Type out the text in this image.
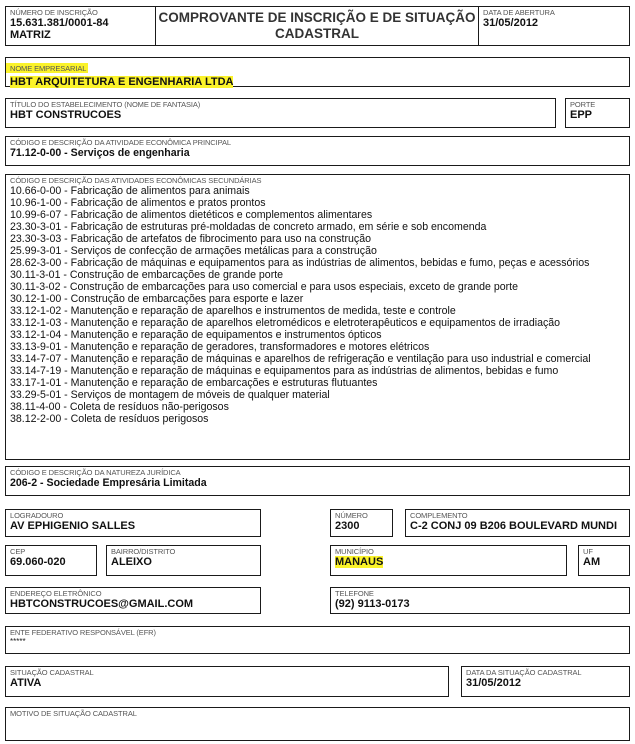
NÚMERO DE INSCRIÇÃO
15.631.381/0001-84
MATRIZ
COMPROVANTE DE INSCRIÇÃO E DE SITUAÇÃO
CADASTRAL
DATA DE ABERTURA
31/05/2012
NOME EMPRESARIAL
HBT ARQUITETURA E ENGENHARIA LTDA
TÍTULO DO ESTABELECIMENTO (NOME DE FANTASIA)
HBT CONSTRUCOES
PORTE
EPP
CÓDIGO E DESCRIÇÃO DA ATIVIDADE ECONÔMICA PRINCIPAL
71.12-0-00 - Serviços de engenharia
CÓDIGO E DESCRIÇÃO DAS ATIVIDADES ECONÔMICAS SECUNDÁRIAS
10.66-0-00 - Fabricação de alimentos para animais
10.96-1-00 - Fabricação de alimentos e pratos prontos
10.99-6-07 - Fabricação de alimentos dietéticos e complementos alimentares
23.30-3-01 - Fabricação de estruturas pré-moldadas de concreto armado, em série e sob encomenda
23.30-3-03 - Fabricação de artefatos de fibrocimento para uso na construção
25.99-3-01 - Serviços de confecção de armações metálicas para a construção
28.62-3-00 - Fabricação de máquinas e equipamentos para as indústrias de alimentos, bebidas e fumo, peças e acessórios
30.11-3-01 - Construção de embarcações de grande porte
30.11-3-02 - Construção de embarcações para uso comercial e para usos especiais, exceto de grande porte
30.12-1-00 - Construção de embarcações para esporte e lazer
33.12-1-02 - Manutenção e reparação de aparelhos e instrumentos de medida, teste e controle
33.12-1-03 - Manutenção e reparação de aparelhos eletromédicos e eletroterapêuticos e equipamentos de irradiação
33.12-1-04 - Manutenção e reparação de equipamentos e instrumentos ópticos
33.13-9-01 - Manutenção e reparação de geradores, transformadores e motores elétricos
33.14-7-07 - Manutenção e reparação de máquinas e aparelhos de refrigeração e ventilação para uso industrial e comercial
33.14-7-19 - Manutenção e reparação de máquinas e equipamentos para as indústrias de alimentos, bebidas e fumo
33.17-1-01 - Manutenção e reparação de embarcações e estruturas flutuantes
33.29-5-01 - Serviços de montagem de móveis de qualquer material
38.11-4-00 - Coleta de resíduos não-perigosos
38.12-2-00 - Coleta de resíduos perigosos
CÓDIGO E DESCRIÇÃO DA NATUREZA JURÍDICA
206-2 - Sociedade Empresária Limitada
LOGRADOURO
AV EPHIGENIO SALLES
NÚMERO
2300
COMPLEMENTO
C-2 CONJ 09 B206 BOULEVARD MUNDI
CEP
69.060-020
BAIRRO/DISTRITO
ALEIXO
MUNICÍPIO
MANAUS
UF
AM
ENDEREÇO ELETRÔNICO
HBTCONSTRUCOES@GMAIL.COM
TELEFONE
(92) 9113-0173
ENTE FEDERATIVO RESPONSÁVEL (EFR)
*****
SITUAÇÃO CADASTRAL
ATIVA
DATA DA SITUAÇÃO CADASTRAL
31/05/2012
MOTIVO DE SITUAÇÃO CADASTRAL
